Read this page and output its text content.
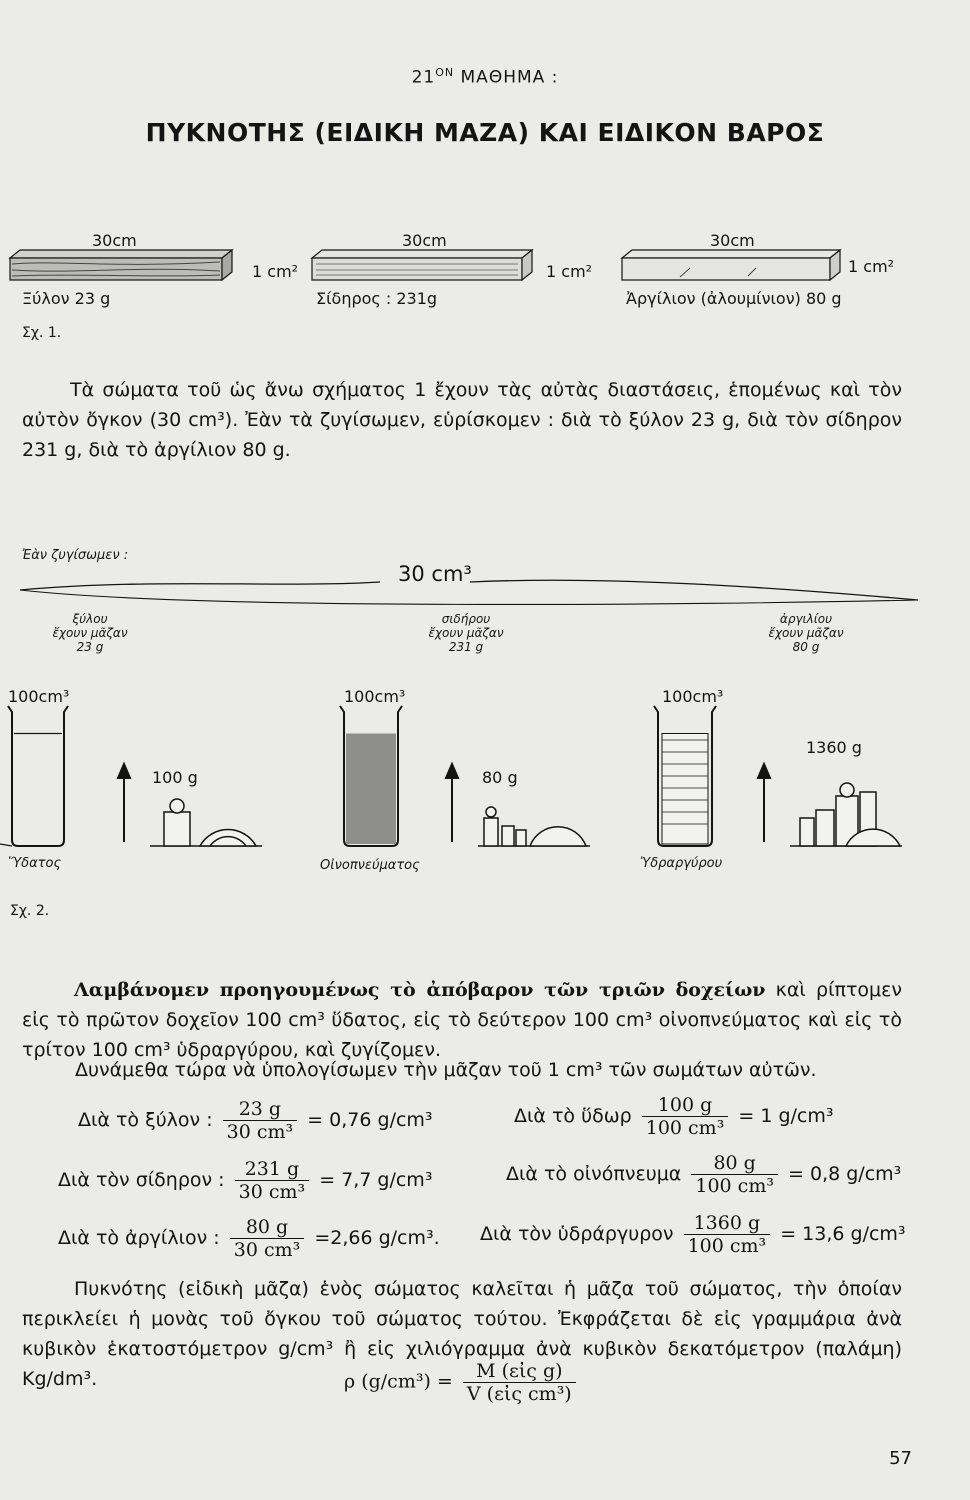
$21^{ON}$ ΜΑΘΗΜΑ :
ΠΥΚΝΟΤΗΣ (ΕΙΔΙΚΗ ΜΑΖΑ) ΚΑΙ ΕΙΔΙΚΟΝ ΒΑΡΟΣ
30cm
1 cm²
Ξύλον 23 g
30cm
1 cm²
Σίδηρος : 231g
30cm
1 cm²
Ἀργίλιον (ἀλουμίνιον) 80 g
Σχ. 1.
Τὰ σώματα τοῦ ὡς ἄνω σχήματος 1 ἔχουν τὰς αὐτὰς διαστάσεις, ἑπομένως καὶ τὸν αὐτὸν ὄγκον (30 cm³). Ἐὰν τὰ ζυγίσωμεν, εὑρίσκομεν : διὰ τὸ ξύλον 23 g, διὰ τὸν σίδηρον 231 g, διὰ τὸ ἀργίλιον 80 g.
Ἐὰν ζυγίσωμεν :
30 cm³
ξύλου
ἔχουν μᾶζαν
23 g
σιδήρου
ἔχουν μᾶζαν
231 g
ἀργιλίου
ἔχουν μᾶζαν
80 g
100cm³	100cm³	100cm³
100 g	80 g
1360 g
Ὕδατος	Οἰνοπνεύματος	Ὑδραργύρου
Σχ. 2.
Λαμβάνομεν προηγουμένως τὸ ἀπόβαρον τῶν τριῶν δοχείων καὶ ρίπτομεν εἰς τὸ πρῶτον δοχεῖον 100 cm³ ὕδατος, εἰς τὸ δεύτερον 100 cm³ οἰνοπνεύματος καὶ εἰς τὸ τρίτον 100 cm³ ὑδραργύρου, καὶ ζυγίζομεν.
Δυνάμεθα τώρα νὰ ὑπολογίσωμεν τὴν μᾶζαν τοῦ 1 cm³ τῶν σωμάτων αὐτῶν.
Διὰ τὸ ξύλον : $\frac{23 g}{\text{30 cm³}} = 0,76$ g/cm³	Διὰ τὸ ὕδωρ $\frac{100 g}{\text{100 cm³}} = 1$ g/cm³
Διὰ τὸν σίδηρον : $\frac{231 g}{\text{30 cm³}} = 7,7$ g/cm³	Διὰ τὸ οἰνόπνευμα $\frac{80 g}{\text{100 cm³}} = 0,8$ g/cm³
Διὰ τὸ ἀργίλιον : $\frac{80 g}{\text{30 cm³}} =2,66$ g/cm³. Διὰ τὸν ὑδράργυρον $\frac{1360 g}{\text{100 cm³}} = 13,6$ g/cm³
Πυκνότης (εἰδικὴ μᾶζα) ἑνὸς σώματος καλεῖται ἡ μᾶζα τοῦ σώματος, τὴν ὁποίαν περικλείει ἡ μονὰς τοῦ ὄγκου τοῦ σώματος τούτου. Ἐκφράζεται δὲ εἰς γραμμάρια ἀνὰ κυβικὸν ἑκατοστόμετρον g/cm³ ἢ εἰς χιλιόγραμμα ἀνὰ κυβικὸν δεκατόμετρον (παλάμη) Kg/dm³.	ρ $(g/cm^3) = \frac{\text{M (εἰς g)}}{\text{V (εἰς cm³)}}$
57
